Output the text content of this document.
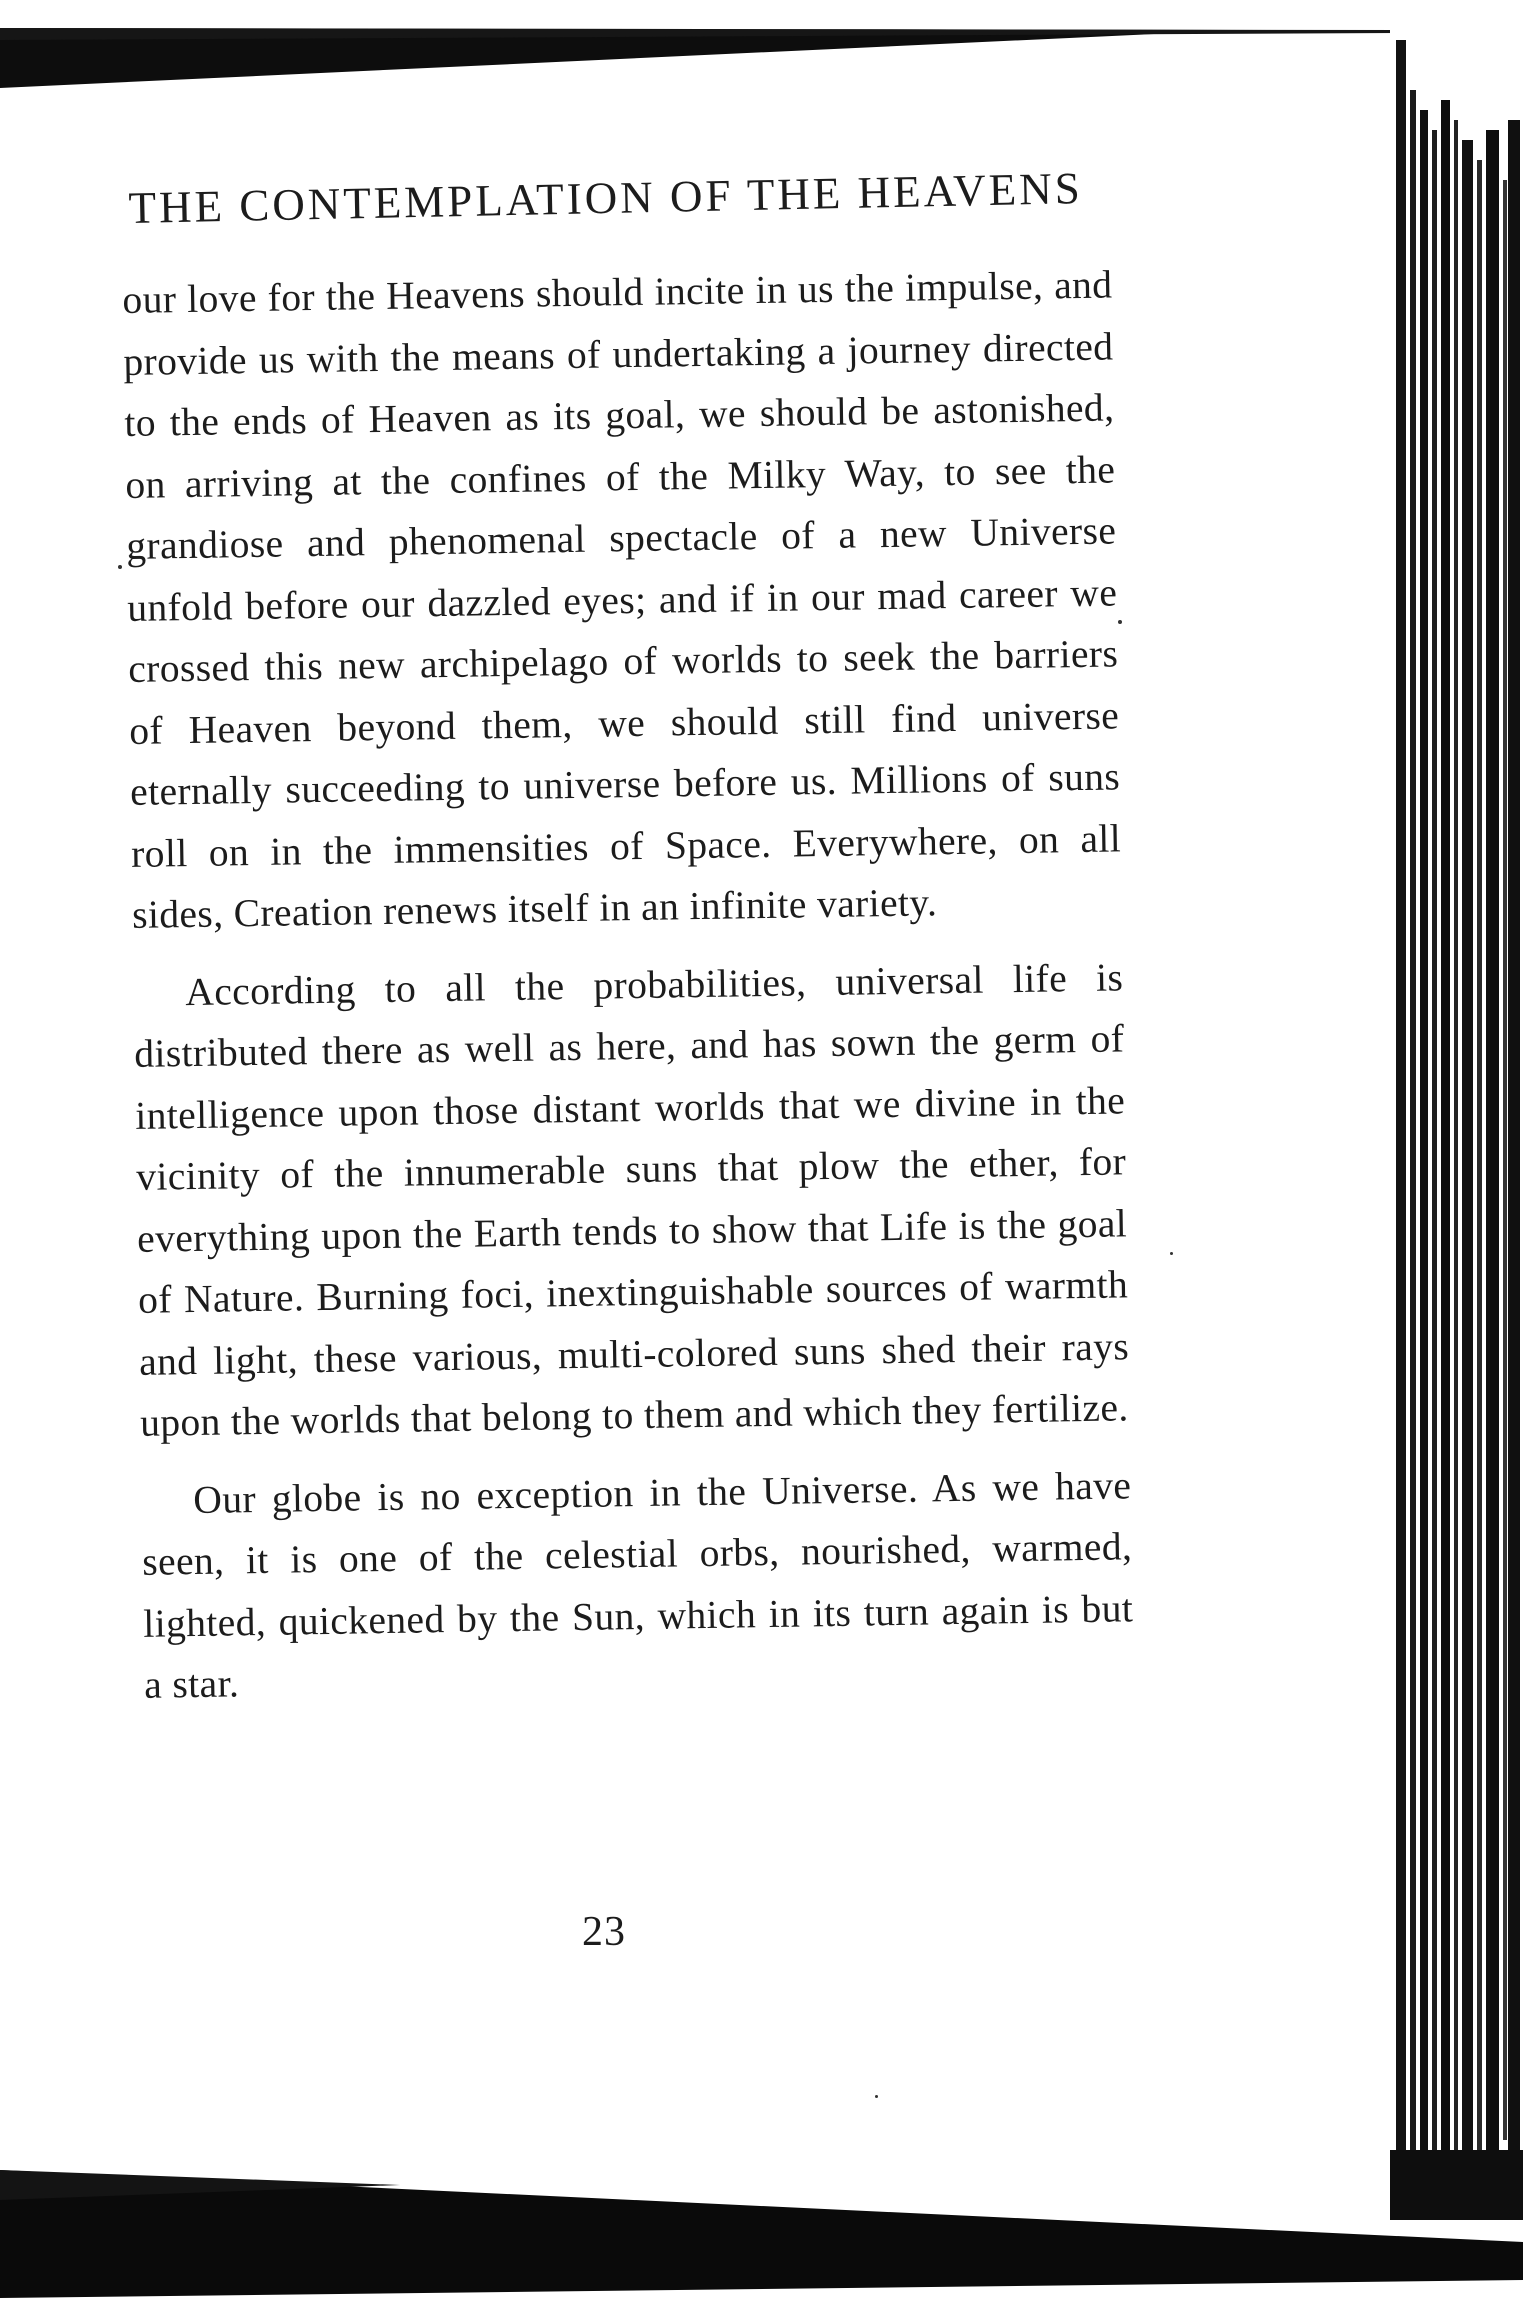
THE CONTEMPLATION OF THE HEAVENS

our love for the Heavens should incite in us the impulse, and provide us with the means of undertaking a journey directed to the ends of Heaven as its goal, we should be astonished, on arriving at the confines of the Milky Way, to see the grandiose and phenomenal spectacle of a new Universe unfold before our dazzled eyes; and if in our mad career we crossed this new archipelago of worlds to seek the barriers of Heaven beyond them, we should still find universe eternally succeeding to universe before us. Millions of suns roll on in the immensities of Space. Everywhere, on all sides, Creation renews itself in an infinite variety.

According to all the probabilities, universal life is distributed there as well as here, and has sown the germ of intelligence upon those distant worlds that we divine in the vicinity of the innumerable suns that plow the ether, for everything upon the Earth tends to show that Life is the goal of Nature. Burning foci, inextinguishable sources of warmth and light, these various, multi-colored suns shed their rays upon the worlds that belong to them and which they fertilize.

Our globe is no exception in the Universe. As we have seen, it is one of the celestial orbs, nourished, warmed, lighted, quickened by the Sun, which in its turn again is but a star.

23
